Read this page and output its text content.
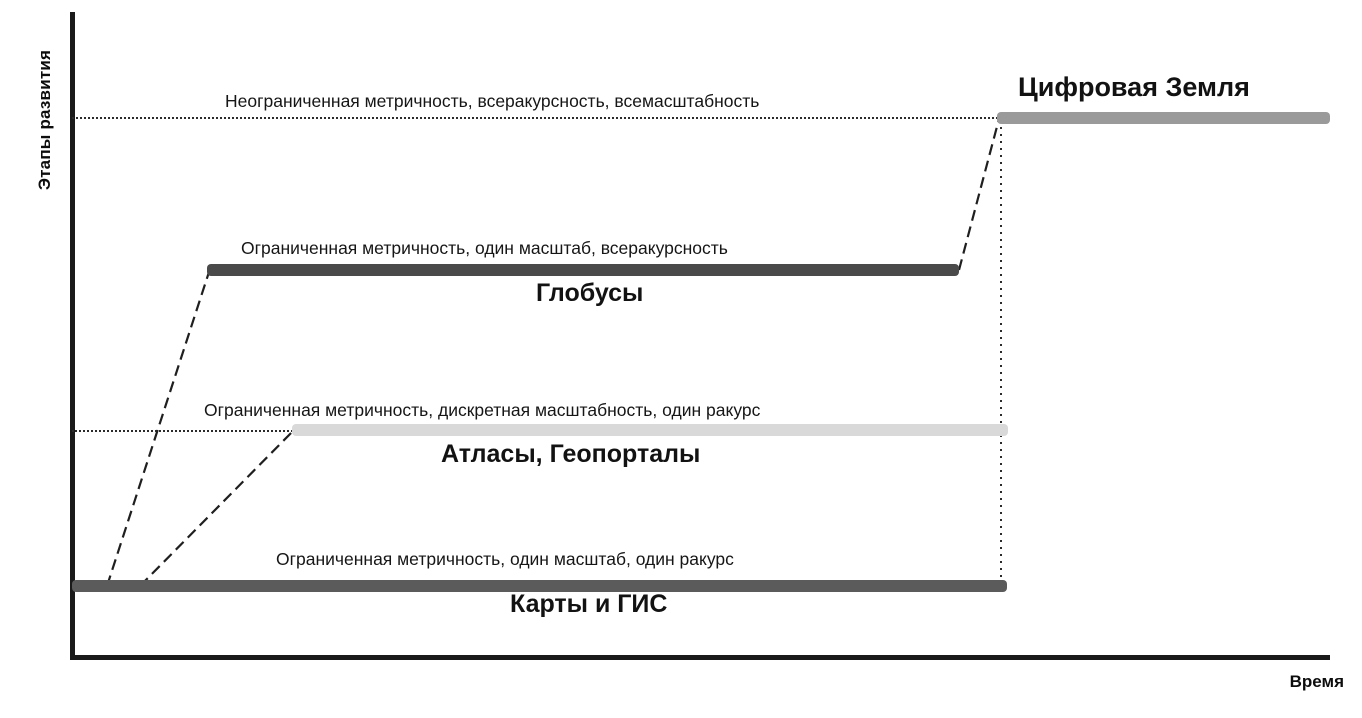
Этапы развития
Время
Ограниченная метричность, один масштаб, один ракурс
Карты и ГИС
Ограниченная метричность, дискретная масштабность, один ракурс
Атласы, Геопорталы
Ограниченная метричность, один масштаб, всеракурсность
Глобусы
Неограниченная метричность, всеракурсность, всемасштабность	Цифровая Земля
